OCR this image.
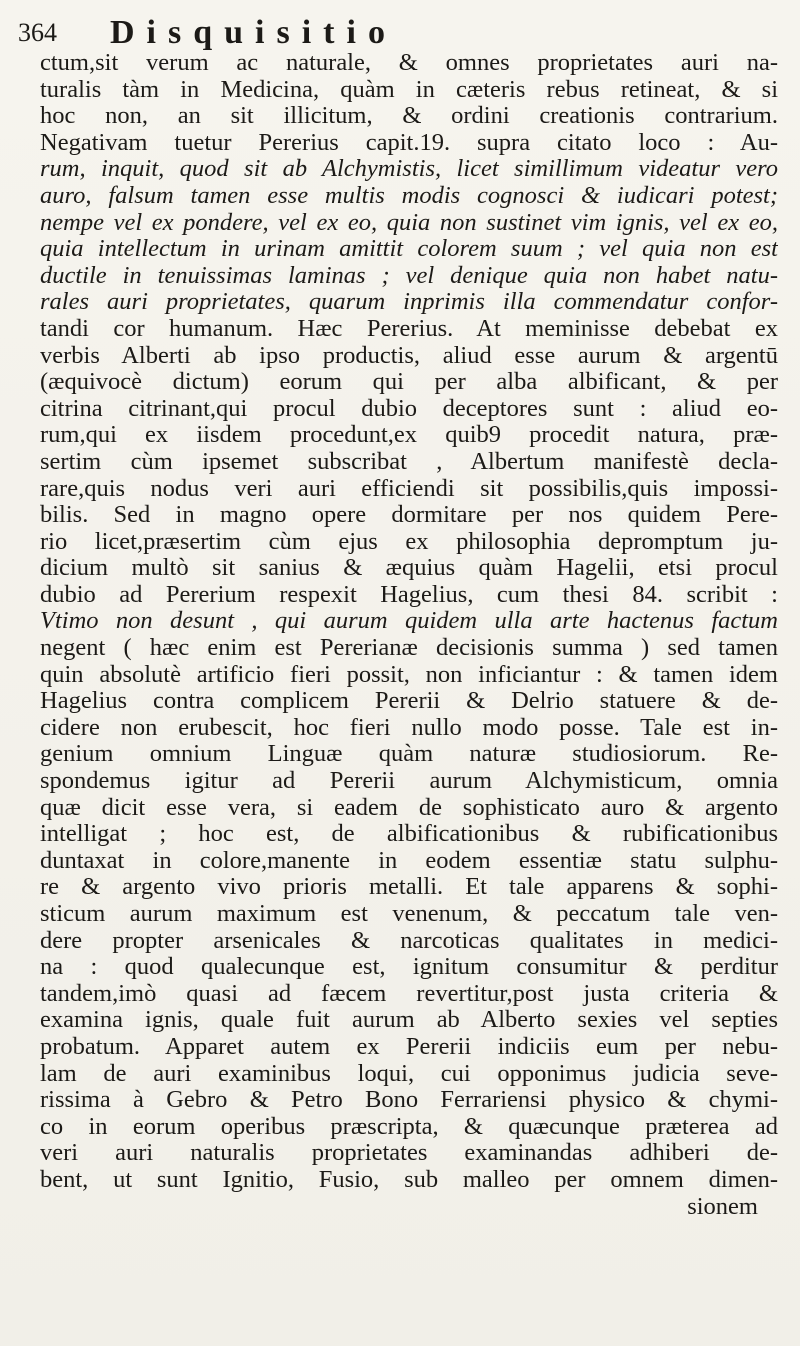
364 Disquisitio
ctum,sit verum ac naturale, & omnes proprietates auri na-
turalis tàm in Medicina, quàm in cæteris rebus retineat, & si
hoc non, an sit illicitum, & ordini creationis contrarium.
Negativam tuetur Pererius capit.19. supra citato loco : Au-
rum, inquit, quod sit ab Alchymistis, licet simillimum videatur vero
auro, falsum tamen esse multis modis cognosci & iudicari potest;
nempe vel ex pondere, vel ex eo, quia non sustinet vim ignis, vel ex eo,
quia intellectum in urinam amittit colorem suum ; vel quia non est
ductile in tenuissimas laminas ; vel denique quia non habet natu-
rales auri proprietates, quarum inprimis illa commendatur confor-
tandi cor humanum. Hæc Pererius. At meminisse debebat ex
verbis Alberti ab ipso productis, aliud esse aurum & argentū
(æquivocè dictum) eorum qui per alba albificant, & per
citrina citrinant,qui procul dubio deceptores sunt : aliud eo-
rum,qui ex iisdem procedunt,ex quib9 procedit natura, præ-
sertim cùm ipsemet subscribat , Albertum manifestè decla-
rare,quis nodus veri auri efficiendi sit possibilis,quis impossi-
bilis. Sed in magno opere dormitare per nos quidem Pere-
rio licet,præsertim cùm ejus ex philosophia depromptum ju-
dicium multò sit sanius & æquius quàm Hagelii, etsi procul
dubio ad Pererium respexit Hagelius, cum thesi 84. scribit :
Vtimo non desunt , qui aurum quidem ulla arte hactenus factum
negent ( hæc enim est Pererianæ decisionis summa ) sed tamen
quin absolutè artificio fieri possit, non inficiantur : & tamen idem
Hagelius contra complicem Pererii & Delrio statuere & de-
cidere non erubescit, hoc fieri nullo modo posse. Tale est in-
genium omnium Linguæ quàm naturæ studiosiorum. Re-
spondemus igitur ad Pererii aurum Alchymisticum, omnia
quæ dicit esse vera, si eadem de sophisticato auro & argento
intelligat ; hoc est, de albificationibus & rubificationibus
duntaxat in colore,manente in eodem essentiæ statu sulphu-
re & argento vivo prioris metalli. Et tale apparens & sophi-
sticum aurum maximum est venenum, & peccatum tale ven-
dere propter arsenicales & narcoticas qualitates in medici-
na : quod qualecunque est, ignitum consumitur & perditur
tandem,imò quasi ad fæcem revertitur,post justa criteria &
examina ignis, quale fuit aurum ab Alberto sexies vel septies
probatum. Apparet autem ex Pererii indiciis eum per nebu-
lam de auri examinibus loqui, cui opponimus judicia seve-
rissima à Gebro & Petro Bono Ferrariensi physico & chymi-
co in eorum operibus præscripta, & quæcunque præterea ad
veri auri naturalis proprietates examinandas adhiberi de-
bent, ut sunt Ignitio, Fusio, sub malleo per omnem dimen-
sionem
